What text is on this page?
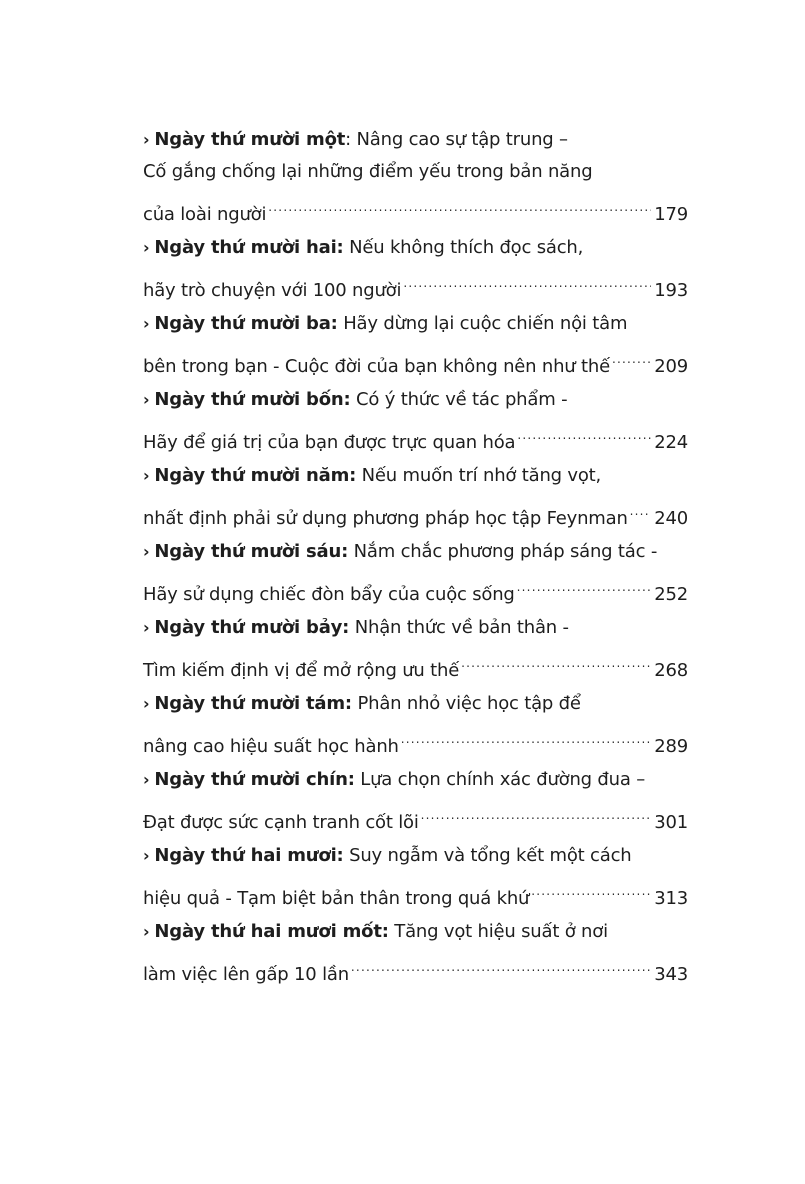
› Ngày thứ mười một: Nâng cao sự tập trung –
Cố gắng chống lại những điểm yếu trong bản năng
của loài người .....	179
› Ngày thứ mười hai: Nếu không thích đọc sách,
hãy trò chuyện với 100 người .....	193
› Ngày thứ mười ba: Hãy dừng lại cuộc chiến nội tâm
bên trong bạn - Cuộc đời của bạn không nên như thế ..... 209
› Ngày thứ mười bốn: Có ý thức về tác phẩm -
Hãy để giá trị của bạn được trực quan hóa .....	224
› Ngày thứ mười năm: Nếu muốn trí nhớ tăng vọt,
nhất định phải sử dụng phương pháp học tập Feynman ..... 240
› Ngày thứ mười sáu: Nắm chắc phương pháp sáng tác -
Hãy sử dụng chiếc đòn bẩy của cuộc sống .....	252
› Ngày thứ mười bảy: Nhận thức về bản thân -
Tìm kiếm định vị để mở rộng ưu thế .....	268
› Ngày thứ mười tám: Phân nhỏ việc học tập để
nâng cao hiệu suất học hành .....	289
› Ngày thứ mười chín: Lựa chọn chính xác đường đua –
Đạt được sức cạnh tranh cốt lõi .....	301
› Ngày thứ hai mươi: Suy ngẫm và tổng kết một cách
hiệu quả - Tạm biệt bản thân trong quá khứ .....	313
› Ngày thứ hai mươi mốt: Tăng vọt hiệu suất ở nơi
làm việc lên gấp 10 lần .....	343
